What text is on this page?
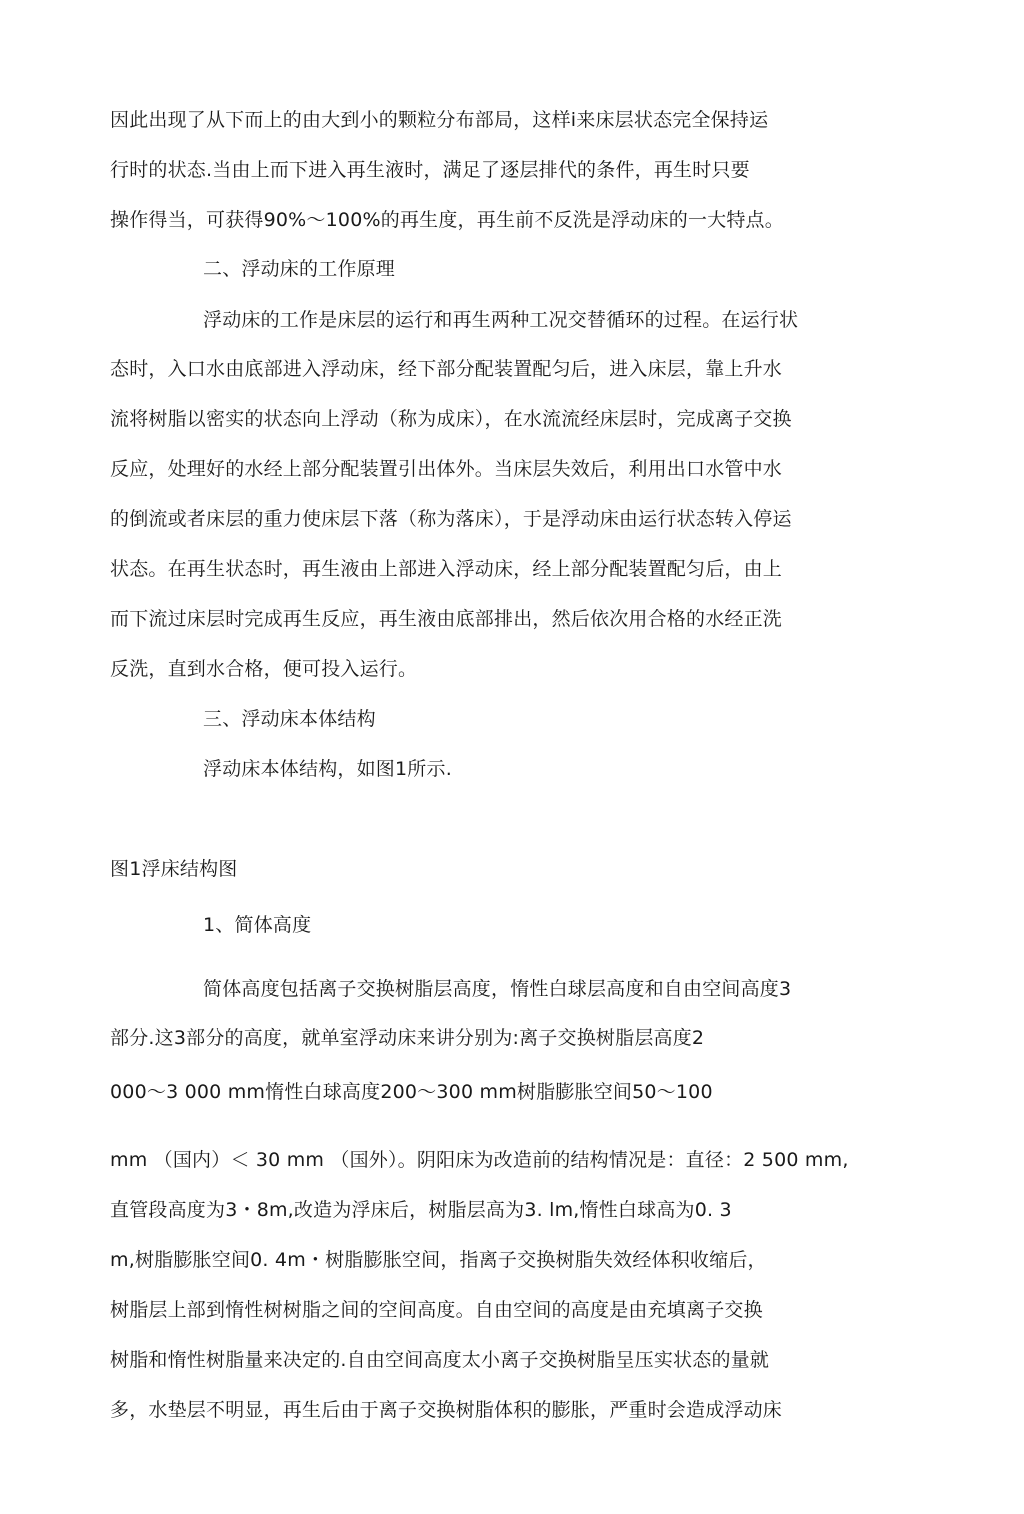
因此出现了从下而上的由大到小的颗粒分布部局，这样i来床层状态完全保持运

行时的状态.当由上而下进入再生液时，满足了逐层排代的条件，再生时只要

操作得当，可获得90%～100%的再生度，再生前不反洗是浮动床的一大特点。

二、浮动床的工作原理

浮动床的工作是床层的运行和再生两种工况交替循环的过程。在运行状

态时，入口水由底部进入浮动床，经下部分配装置配匀后，进入床层，靠上升水

流将树脂以密实的状态向上浮动（称为成床），在水流流经床层时，完成离子交换

反应，处理好的水经上部分配装置引出体外。当床层失效后，利用出口水管中水

的倒流或者床层的重力使床层下落（称为落床），于是浮动床由运行状态转入停运

状态。在再生状态时，再生液由上部进入浮动床，经上部分配装置配匀后，由上

而下流过床层时完成再生反应，再生液由底部排出，然后依次用合格的水经正洗

反洗，直到水合格，便可投入运行。

三、浮动床本体结构

浮动床本体结构，如图1所示.

图1浮床结构图

1、简体高度

简体高度包括离子交换树脂层高度，惰性白球层高度和自由空间高度3

部分.这3部分的高度，就单室浮动床来讲分别为:离子交换树脂层高度2

000～3 000 mm惰性白球高度200～300 mm树脂膨胀空间50～100

mm （国内）＜ 30 mm （国外）。阴阳床为改造前的结构情况是：直径：2 500 mm,

直管段高度为3・8m,改造为浮床后，树脂层高为3. lm,惰性白球高为0. 3

m,树脂膨胀空间0. 4m・树脂膨胀空间，指离子交换树脂失效经体积收缩后，

树脂层上部到惰性树树脂之间的空间高度。自由空间的高度是由充填离子交换

树脂和惰性树脂量来决定的.自由空间高度太小离子交换树脂呈压实状态的量就

多，水垫层不明显，再生后由于离子交换树脂体积的膨胀，严重时会造成浮动床
